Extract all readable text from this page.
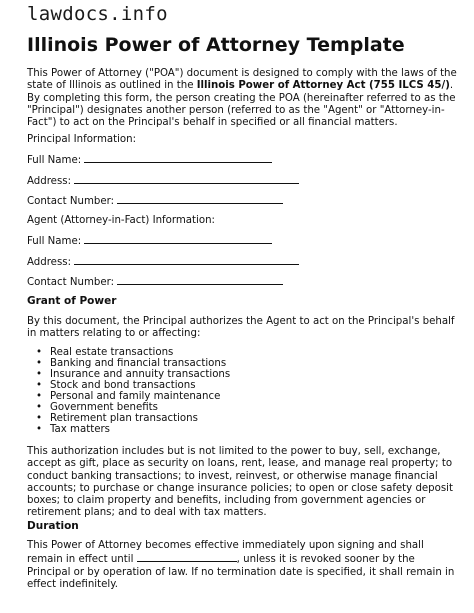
lawdocs.info
Illinois Power of Attorney Template

This Power of Attorney ("POA") document is designed to comply with the laws of the state of Illinois as outlined in the Illinois Power of Attorney Act (755 ILCS 45/). By completing this form, the person creating the POA (hereinafter referred to as the "Principal") designates another person (referred to as the "Agent" or "Attorney-in-Fact") to act on the Principal's behalf in specified or all financial matters.

Principal Information:

Full Name:

Address:

Contact Number:

Agent (Attorney-in-Fact) Information:

Full Name:

Address:

Contact Number:

Grant of Power

By this document, the Principal authorizes the Agent to act on the Principal's behalf in matters relating to or affecting:

• Real estate transactions
• Banking and financial transactions
• Insurance and annuity transactions
• Stock and bond transactions
• Personal and family maintenance
• Government benefits
• Retirement plan transactions
• Tax matters

This authorization includes but is not limited to the power to buy, sell, exchange, accept as gift, place as security on loans, rent, lease, and manage real property; to conduct banking transactions; to invest, reinvest, or otherwise manage financial accounts; to purchase or change insurance policies; to open or close safety deposit boxes; to claim property and benefits, including from government agencies or retirement plans; and to deal with tax matters.

Duration

This Power of Attorney becomes effective immediately upon signing and shall remain in effect until	, unless it is revoked sooner by the Principal or by operation of law. If no termination date is specified, it shall remain in effect indefinitely.
